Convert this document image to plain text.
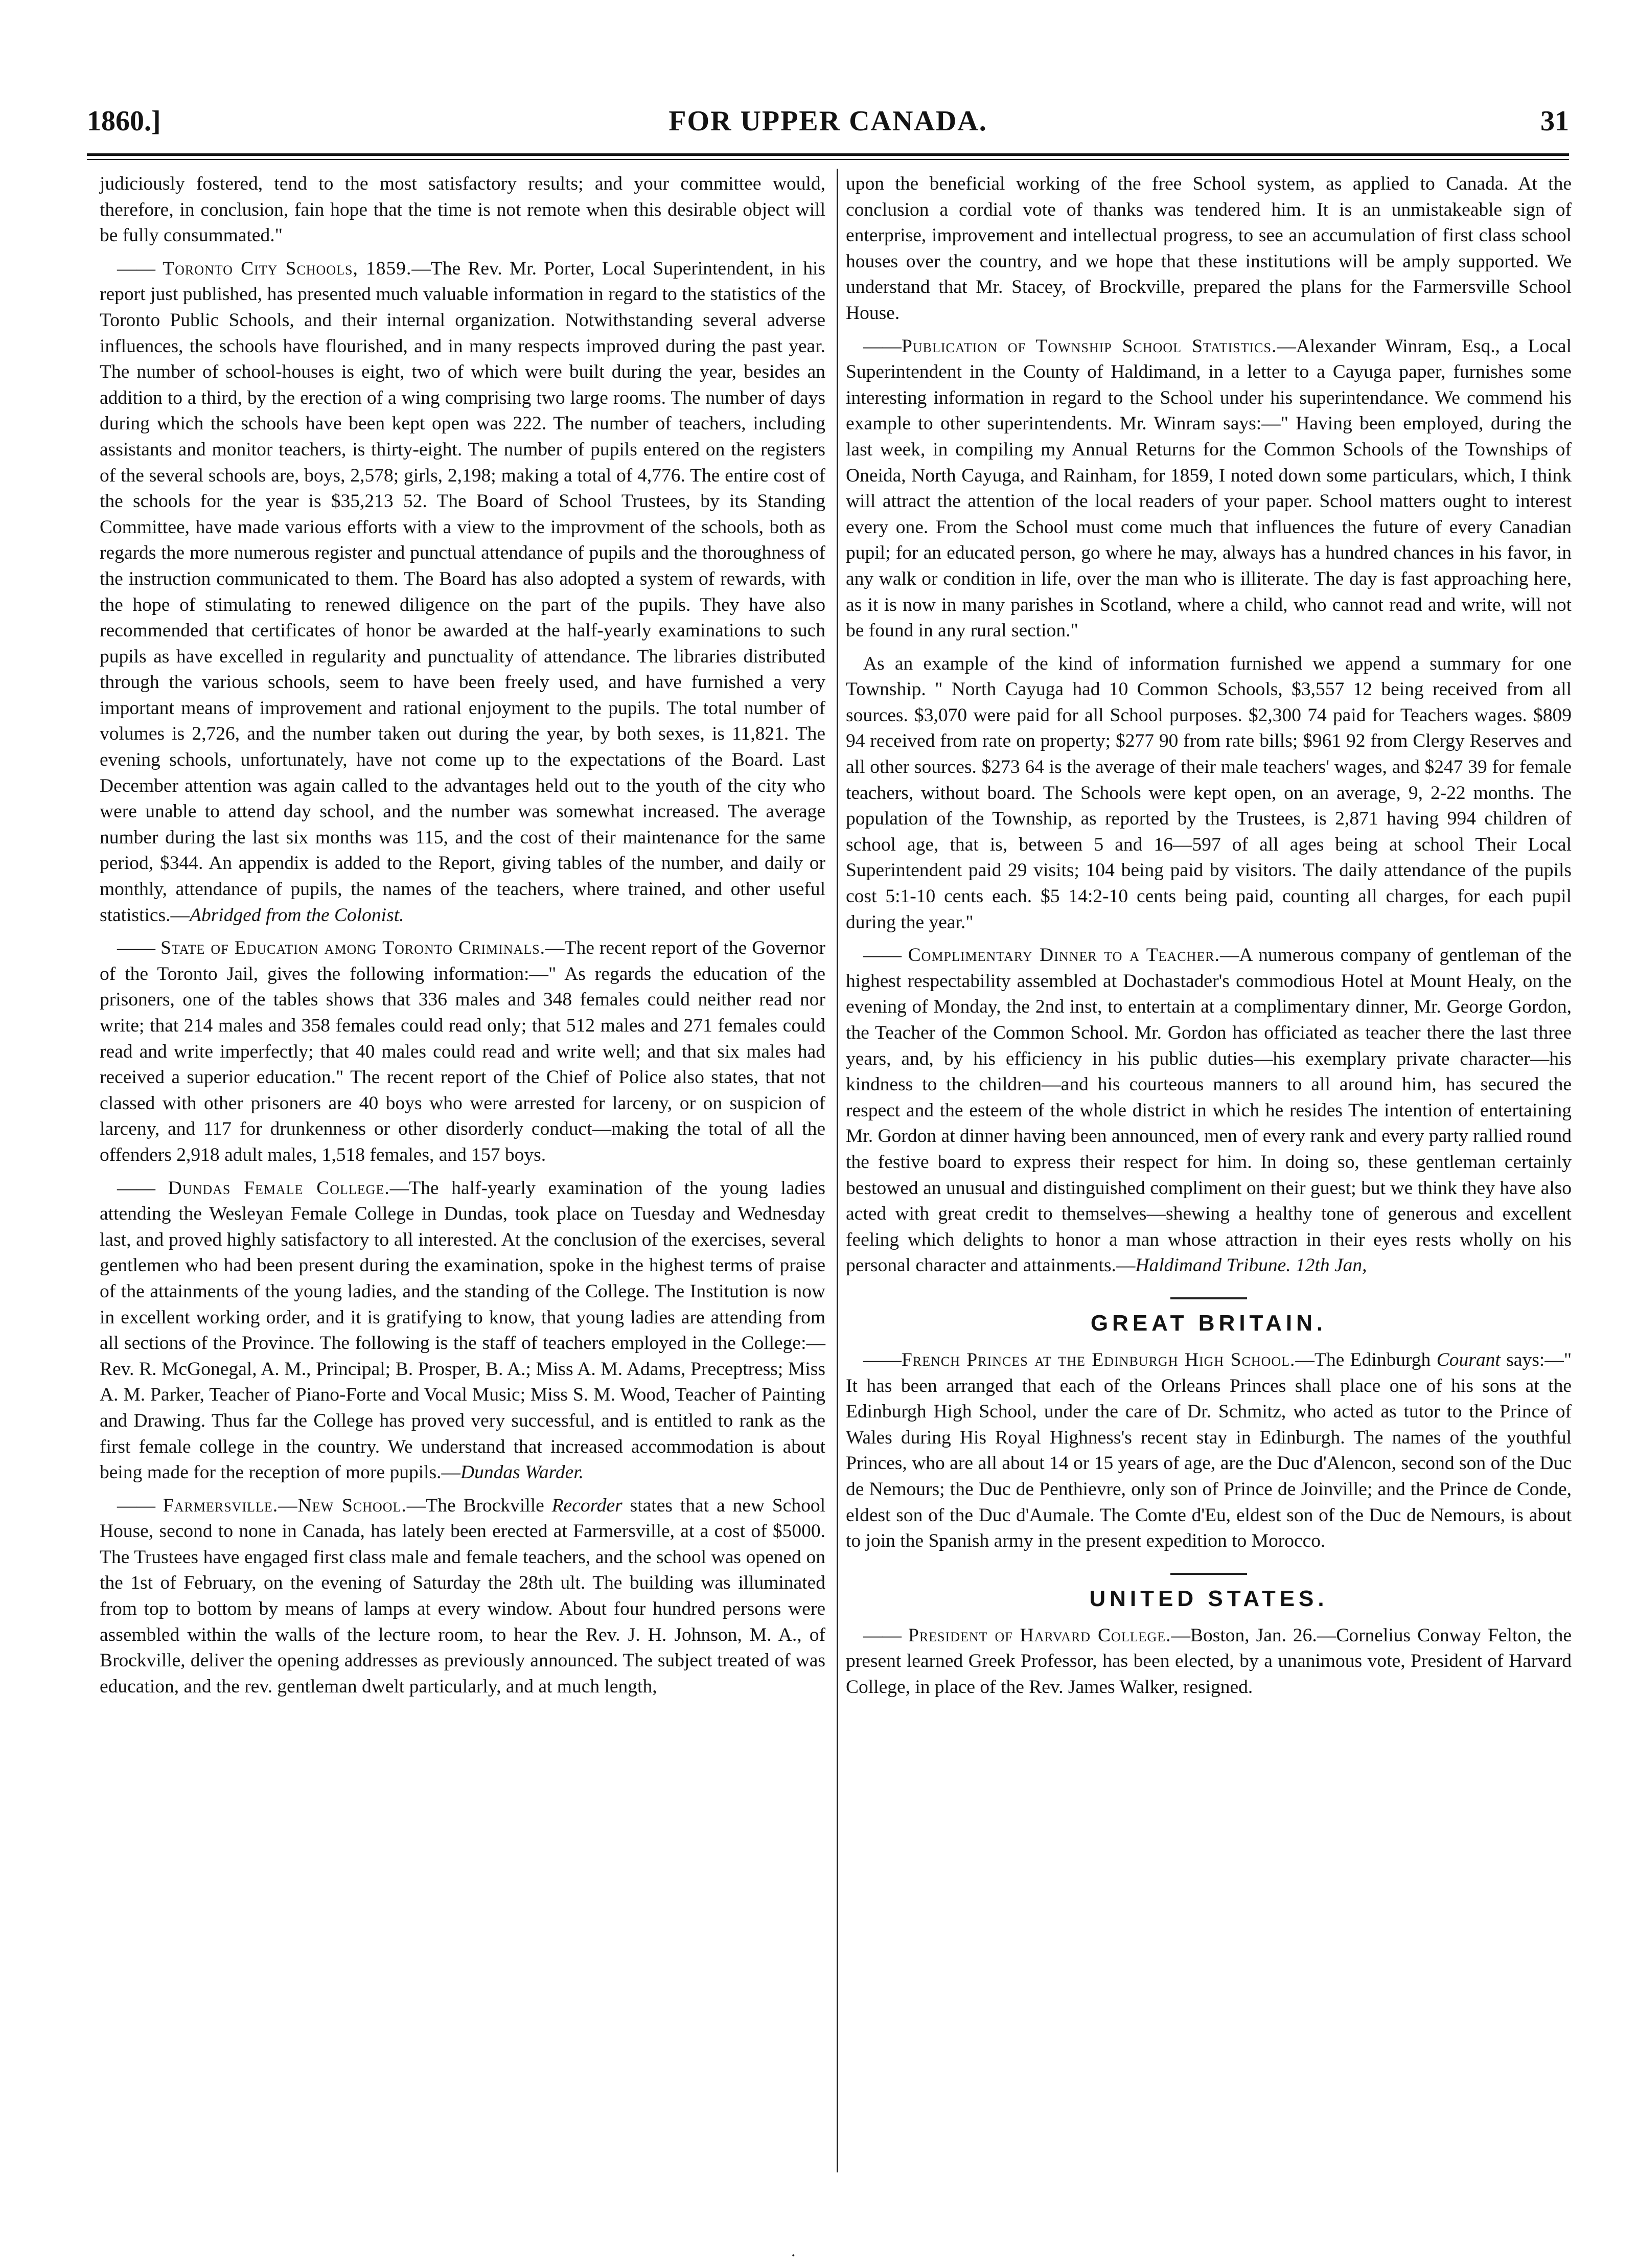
1860.]	FOR UPPER CANADA.	31

judiciously fostered, tend to the most satisfactory results; and your committee would, therefore, in conclusion, fain hope that the time is not remote when this desirable object will be fully consummated."

—— Toronto City Schools, 1859.—The Rev. Mr. Porter, Local Superintendent, in his report just published, has presented much valuable information in regard to the statistics of the Toronto Public Schools, and their internal organization. Notwithstanding several adverse influences, the schools have flourished, and in many respects improved during the past year. The number of school-houses is eight, two of which were built during the year, besides an addition to a third, by the erection of a wing comprising two large rooms. The number of days during which the schools have been kept open was 222. The number of teachers, including assistants and monitor teachers, is thirty-eight. The number of pupils entered on the registers of the several schools are, boys, 2,578; girls, 2,198; making a total of 4,776. The entire cost of the schools for the year is $35,213 52. The Board of School Trustees, by its Standing Committee, have made various efforts with a view to the improvment of the schools, both as regards the more numerous register and punctual attendance of pupils and the thoroughness of the instruction communicated to them. The Board has also adopted a system of rewards, with the hope of stimulating to renewed diligence on the part of the pupils. They have also recommended that certificates of honor be awarded at the half-yearly examinations to such pupils as have excelled in regularity and punctuality of attendance. The libraries distributed through the various schools, seem to have been freely used, and have furnished a very important means of improvement and rational enjoyment to the pupils. The total number of volumes is 2,726, and the number taken out during the year, by both sexes, is 11,821. The evening schools, unfortunately, have not come up to the expectations of the Board. Last December attention was again called to the advantages held out to the youth of the city who were unable to attend day school, and the number was somewhat increased. The average number during the last six months was 115, and the cost of their maintenance for the same period, $344. An appendix is added to the Report, giving tables of the number, and daily or monthly, attendance of pupils, the names of the teachers, where trained, and other useful statistics.—Abridged from the Colonist.

—— State of Education among Toronto Criminals.—The recent report of the Governor of the Toronto Jail, gives the following information:—" As regards the education of the prisoners, one of the tables shows that 336 males and 348 females could neither read nor write; that 214 males and 358 females could read only; that 512 males and 271 females could read and write imperfectly; that 40 males could read and write well; and that six males had received a superior education." The recent report of the Chief of Police also states, that not classed with other prisoners are 40 boys who were arrested for larceny, or on suspicion of larceny, and 117 for drunkenness or other disorderly conduct—making the total of all the offenders 2,918 adult males, 1,518 females, and 157 boys.

—— Dundas Female College.—The half-yearly examination of the young ladies attending the Wesleyan Female College in Dundas, took place on Tuesday and Wednesday last, and proved highly satisfactory to all interested. At the conclusion of the exercises, several gentlemen who had been present during the examination, spoke in the highest terms of praise of the attainments of the young ladies, and the standing of the College. The Institution is now in excellent working order, and it is gratifying to know, that young ladies are attending from all sections of the Province. The following is the staff of teachers employed in the College:—Rev. R. McGonegal, A. M., Principal; B. Prosper, B. A.; Miss A. M. Adams, Preceptress; Miss A. M. Parker, Teacher of Piano-Forte and Vocal Music; Miss S. M. Wood, Teacher of Painting and Drawing. Thus far the College has proved very successful, and is entitled to rank as the first female college in the country. We understand that increased accommodation is about being made for the reception of more pupils.—Dundas Warder.

—— Farmersville.—New School.—The Brockville Recorder states that a new School House, second to none in Canada, has lately been erected at Farmersville, at a cost of $5000. The Trustees have engaged first class male and female teachers, and the school was opened on the 1st of February, on the evening of Saturday the 28th ult. The building was illuminated from top to bottom by means of lamps at every window. About four hundred persons were assembled within the walls of the lecture room, to hear the Rev. J. H. Johnson, M. A., of Brockville, deliver the opening addresses as previously announced. The subject treated of was education, and the rev. gentleman dwelt particularly, and at much length,

upon the beneficial working of the free School system, as applied to Canada. At the conclusion a cordial vote of thanks was tendered him. It is an unmistakeable sign of enterprise, improvement and intellectual progress, to see an accumulation of first class school houses over the country, and we hope that these institutions will be amply supported. We understand that Mr. Stacey, of Brockville, prepared the plans for the Farmersville School House.

——Publication of Township School Statistics.—Alexander Winram, Esq., a Local Superintendent in the County of Haldimand, in a letter to a Cayuga paper, furnishes some interesting information in regard to the School under his superintendance. We commend his example to other superintendents. Mr. Winram says:—" Having been employed, during the last week, in compiling my Annual Returns for the Common Schools of the Townships of Oneida, North Cayuga, and Rainham, for 1859, I noted down some particulars, which, I think will attract the attention of the local readers of your paper. School matters ought to interest every one. From the School must come much that influences the future of every Canadian pupil; for an educated person, go where he may, always has a hundred chances in his favor, in any walk or condition in life, over the man who is illiterate. The day is fast approaching here, as it is now in many parishes in Scotland, where a child, who cannot read and write, will not be found in any rural section."

As an example of the kind of information furnished we append a summary for one Township. " North Cayuga had 10 Common Schools, $3,557 12 being received from all sources. $3,070 were paid for all School purposes. $2,300 74 paid for Teachers wages. $809 94 received from rate on property; $277 90 from rate bills; $961 92 from Clergy Reserves and all other sources. $273 64 is the average of their male teachers' wages, and $247 39 for female teachers, without board. The Schools were kept open, on an average, 9, 2-22 months. The population of the Township, as reported by the Trustees, is 2,871 having 994 children of school age, that is, between 5 and 16—597 of all ages being at school Their Local Superintendent paid 29 visits; 104 being paid by visitors. The daily attendance of the pupils cost 5:1-10 cents each. $5 14:2-10 cents being paid, counting all charges, for each pupil during the year."

—— Complimentary Dinner to a Teacher.—A numerous company of gentleman of the highest respectability assembled at Dochastader's commodious Hotel at Mount Healy, on the evening of Monday, the 2nd inst, to entertain at a complimentary dinner, Mr. George Gordon, the Teacher of the Common School. Mr. Gordon has officiated as teacher there the last three years, and, by his efficiency in his public duties—his exemplary private character—his kindness to the children—and his courteous manners to all around him, has secured the respect and the esteem of the whole district in which he resides The intention of entertaining Mr. Gordon at dinner having been announced, men of every rank and every party rallied round the festive board to express their respect for him. In doing so, these gentleman certainly bestowed an unusual and distinguished compliment on their guest; but we think they have also acted with great credit to themselves—shewing a healthy tone of generous and excellent feeling which delights to honor a man whose attraction in their eyes rests wholly on his personal character and attainments.—Haldimand Tribune. 12th Jan,

GREAT BRITAIN.

——French Princes at the Edinburgh High School.—The Edinburgh Courant says:—" It has been arranged that each of the Orleans Princes shall place one of his sons at the Edinburgh High School, under the care of Dr. Schmitz, who acted as tutor to the Prince of Wales during His Royal Highness's recent stay in Edinburgh. The names of the youthful Princes, who are all about 14 or 15 years of age, are the Duc d'Alencon, second son of the Duc de Nemours; the Duc de Penthievre, only son of Prince de Joinville; and the Prince de Conde, eldest son of the Duc d'Aumale. The Comte d'Eu, eldest son of the Duc de Nemours, is about to join the Spanish army in the present expedition to Morocco.

UNITED STATES.

—— President of Harvard College.—Boston, Jan. 26.—Cornelius Conway Felton, the present learned Greek Professor, has been elected, by a unanimous vote, President of Harvard College, in place of the Rev. James Walker, resigned.

.
